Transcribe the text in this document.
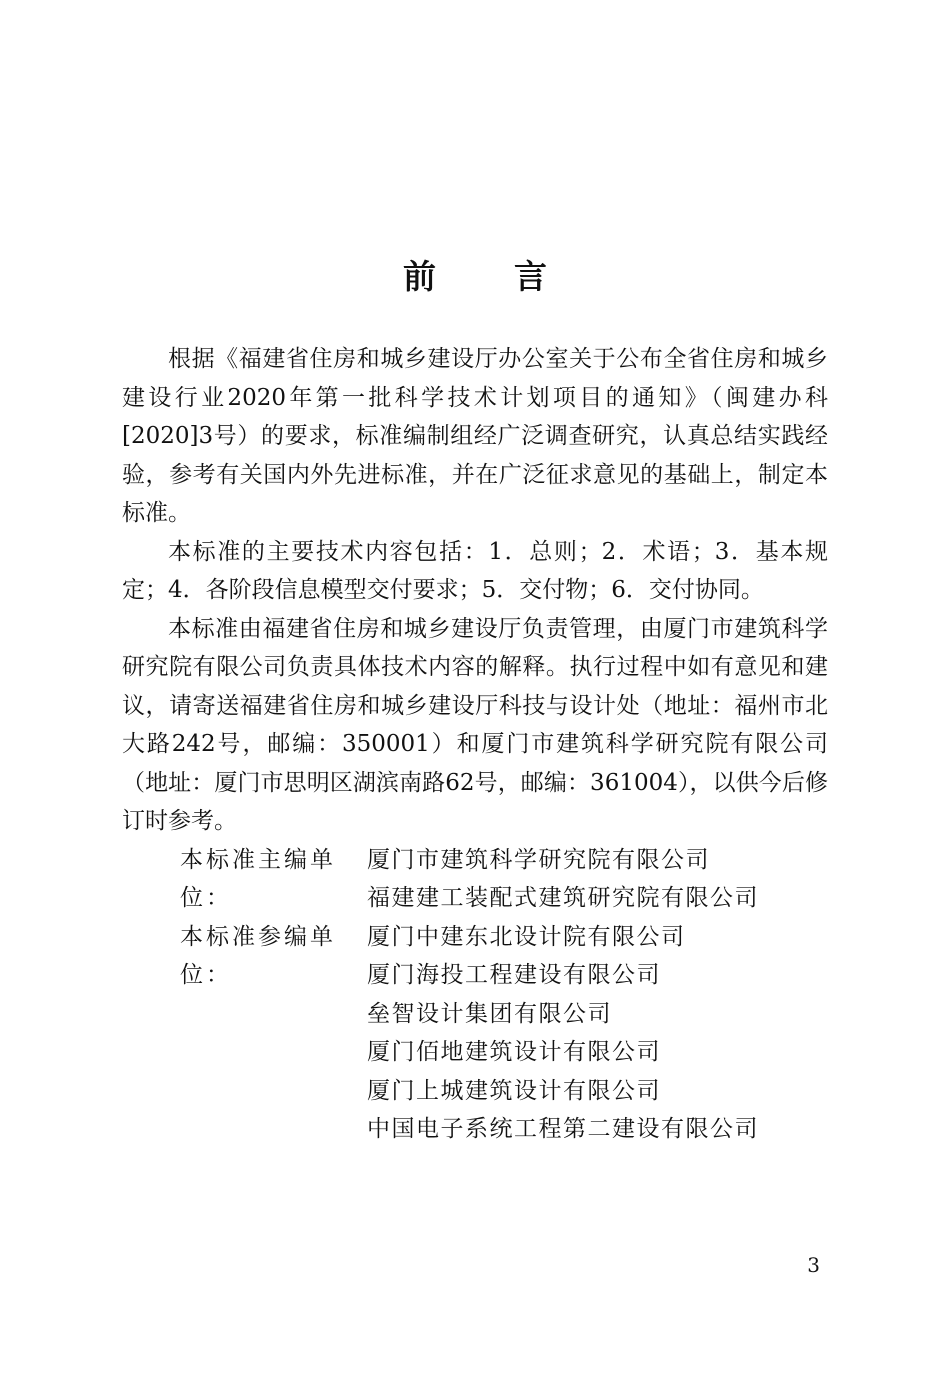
前言

根据《福建省住房和城乡建设厅办公室关于公布全省住房和城乡建设行业2020年第一批科学技术计划项目的通知》（闽建办科[2020]3号）的要求，标准编制组经广泛调查研究，认真总结实践经验，参考有关国内外先进标准，并在广泛征求意见的基础上，制定本标准。

本标准的主要技术内容包括：1．总则；2．术语；3．基本规定；4．各阶段信息模型交付要求；5．交付物；6．交付协同。

本标准由福建省住房和城乡建设厅负责管理，由厦门市建筑科学研究院有限公司负责具体技术内容的解释。执行过程中如有意见和建议，请寄送福建省住房和城乡建设厅科技与设计处（地址：福州市北大路242号，邮编：350001）和厦门市建筑科学研究院有限公司（地址：厦门市思明区湖滨南路62号，邮编：361004），以供今后修订时参考。

本标准主编单位：
厦门市建筑科学研究院有限公司
福建建工装配式建筑研究院有限公司
本标准参编单位：
厦门中建东北设计院有限公司
厦门海投工程建设有限公司
垒智设计集团有限公司
厦门佰地建筑设计有限公司
厦门上城建筑设计有限公司
中国电子系统工程第二建设有限公司
3
